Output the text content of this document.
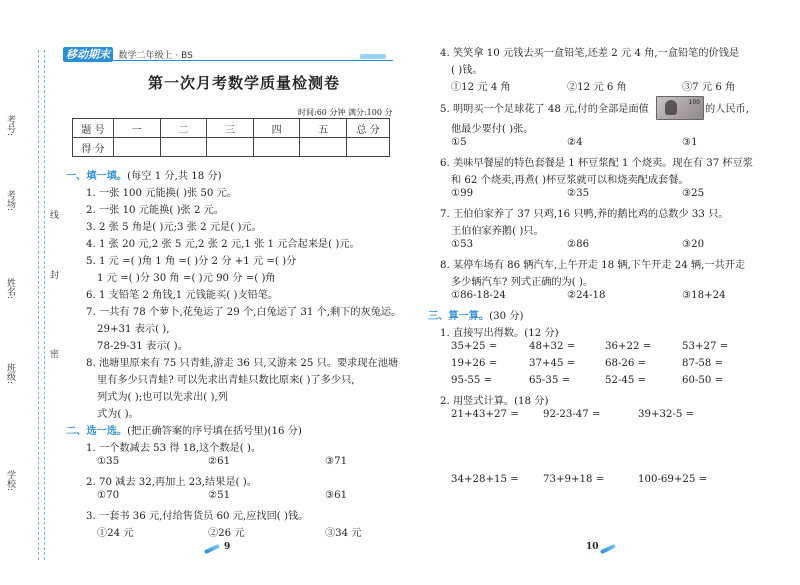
考号:
考场:
姓名:
班级:
学校:
线
封
密
移动期末 数学二年级上 · BS
第一次月考数学质量检测卷
时间:60 分钟 满分:100 分
题 号	一	二	三	四	五	总 分
得 分						
一、填一填。(每空 1 分,共 18 分)
1. 一张 100 元能换( )张 50 元。
2. 一张 10 元能换( )张 2 元。
3. 2 张 5 角是( )元;3 张 2 元是( )元。
4. 1 张 20 元,2 张 5 元,2 张 2 元,1 张 1 元合起来是( )元。
5. 1 元 =( )角 1 角 =( )分 2 分 +1 元 =( )分
1 元 =( )分 30 角 =( )元 90 分 =( )角
6. 1 支铅笔 2 角钱,1 元钱能买( )支铅笔。
7. 一共有 78 个萝卜,花兔运了 29 个,白兔运了 31 个,剩下的灰兔运。
29+31 表示( ),
78-29-31 表示( )。
8. 池塘里原来有 75 只青蛙,游走 36 只,又游来 25 只。要求现在池塘
里有多少只青蛙? 可以先求出青蛙只数比原来( )了多少只,
列式为( );也可以先求出( ),列
式为( )。
二、选一选。(把正确答案的序号填在括号里)(16 分)
1. 一个数减去 53 得 18,这个数是( )。
①35	②61	③71
2. 70 减去 32,再加上 23,结果是( )。
①70	②51	③61
3. 一套书 36 元,付给售货员 60 元,应找回( )钱。
①24 元	②26 元	③34 元
9
4. 笑笑拿 10 元钱去买一盒铅笔,还差 2 元 4 角,一盒铅笔的价钱是
( )钱。
①12 元 4 角	②12 元 6 角	③7 元 6 角
5. 明明买一个足球花了 48 元,付的全部是面值
100
的人民币,
他最少要付( )张。
①5	②4	③1
6. 美味早餐屋的特色套餐是 1 杯豆浆配 1 个烧卖。现在有 37 杯豆浆
和 62 个烧卖,再煮( )杯豆浆就可以和烧卖配成套餐。
①99	②35	③25
7. 王伯伯家养了 37 只鸡,16 只鸭,养的鹅比鸡的总数少 33 只。
王伯伯家养鹅( )只。
①53	②86	③20
8. 某停车场有 86 辆汽车,上午开走 18 辆,下午开走 24 辆,一共开走
多少辆汽车? 列式正确的为( )。
①86-18-24	②24-18	③18+24
三、算一算。(30 分)
1. 直接写出得数。(12 分)
35+25 =	48+32 =	36+22 =	53+27 =
19+26 =	37+45 =	68-26 =	87-58 =
95-55 =	65-35 =	52-45 =	60-50 =
2. 用竖式计算。(18 分)
21+43+27 = 92-23-47 =	39+32-5 =
34+28+15 = 73+9+18 =	100-69+25 =
10
